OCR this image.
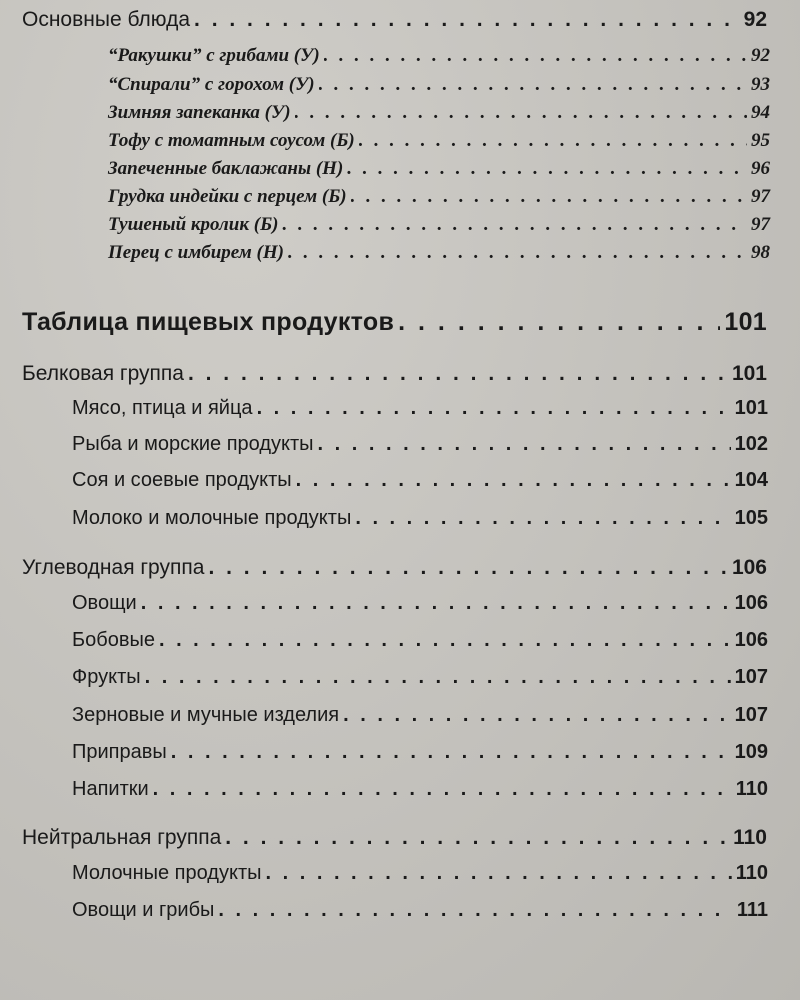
Основные блюда . . .	92
“Ракушки” с грибами (У) . . .	92
“Спирали” с горохом (У) . . .	93
Зимняя запеканка (У) . . .	94
Тофу с томатным соусом (Б) . . .	95
Запеченные баклажаны (Н) . . .	96
Грудка индейки с перцем (Б) . . .	97
Тушеный кролик (Б) . . .	97
Перец с имбирем (Н) . . .	98
Таблица пищевых продуктов . . .	101
Белковая группа . . .	101
Мясо, птица и яйца . . .	101
Рыба и морские продукты . . .	102
Соя и соевые продукты . . .	104
Молоко и молочные продукты . . .	105
Углеводная группа . . .	106
Овощи . . .	106
Бобовые . . .	106
Фрукты . . .	107
Зерновые и мучные изделия . . .	107
Приправы . . .	109
Напитки . . .	110
Нейтральная группа . . .	110
Молочные продукты . . .	110
Овощи и грибы . . .	111
